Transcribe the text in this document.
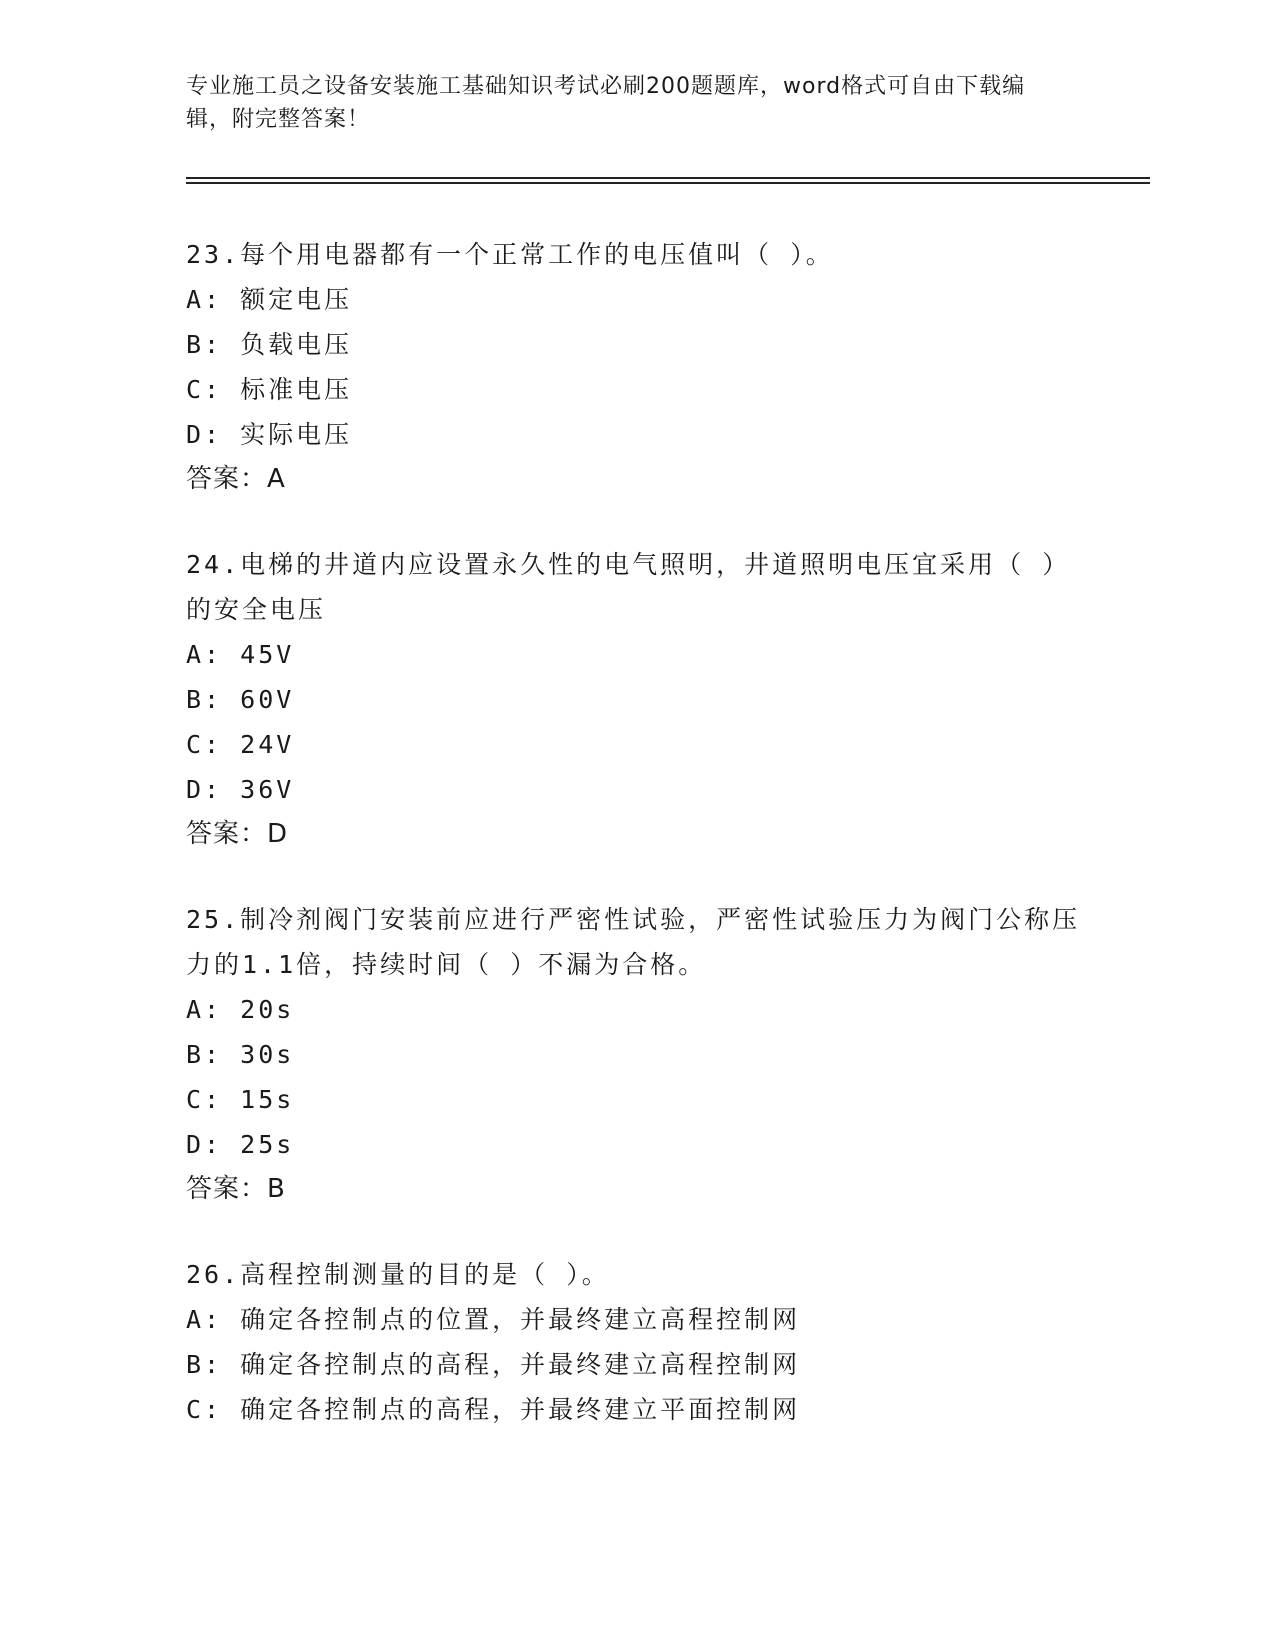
专业施工员之设备安装施工基础知识考试必刷200题题库，word格式可自由下载编辑，附完整答案！

23.每个用电器都有一个正常工作的电压值叫（ ）。

A: 额定电压
B: 负载电压
C: 标准电压
D: 实际电压
答案：A

24.电梯的井道内应设置永久性的电气照明，井道照明电压宜采用（ ）的安全电压

A: 45V
B: 60V
C: 24V
D: 36V
答案：D

25.制冷剂阀门安装前应进行严密性试验，严密性试验压力为阀门公称压力的1.1倍，持续时间（ ）不漏为合格。

A: 20s
B: 30s
C: 15s
D: 25s
答案：B

26.高程控制测量的目的是（ ）。

A: 确定各控制点的位置，并最终建立高程控制网
B: 确定各控制点的高程，并最终建立高程控制网
C: 确定各控制点的高程，并最终建立平面控制网
